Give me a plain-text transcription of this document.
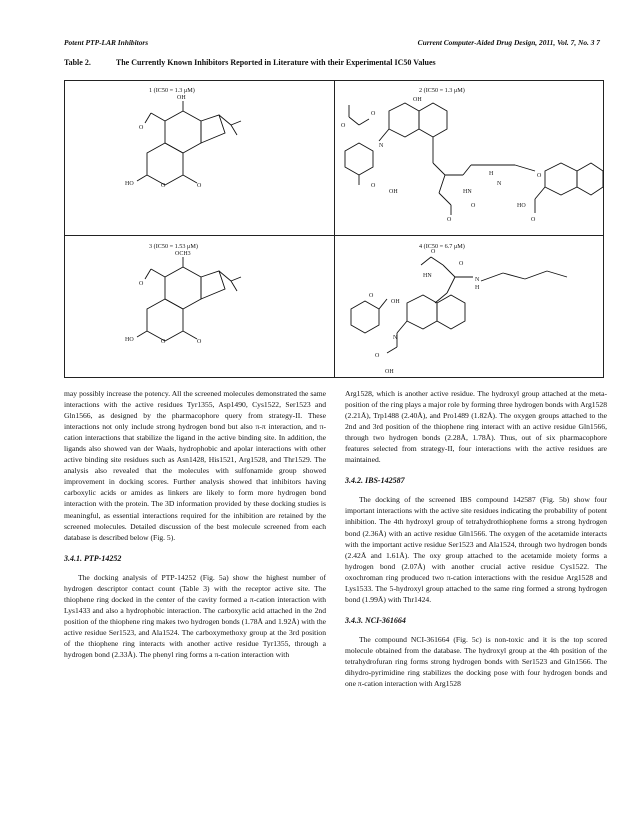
Potent PTP-LAR Inhibitors	Current Computer-Aided Drug Design, 2011, Vol. 7, No. 3 7
Table 2.	The Currently Known Inhibitors Reported in Literature with their Experimental IC50 Values
1 (IC50 = 1.3 μM)
OH
O
HO	O	O
2 (IC50 = 1.3 μM)
OH
O
O
N
O
OH
H
N
HN
O
O
O
HO
O
3 (IC50 = 1.53 μM)
OCH3
O
HO	O	O
4 (IC50 = 6.7 μM)
O
HN
N
H
O
OH
O
N
O
OH

may possibly increase the potency. All the screened molecules demonstrated the same interactions with the active residues Tyr1355, Asp1490, Cys1522, Ser1523 and Gln1566, as designed by the pharmacophore query from strategy-II. These interactions not only include strong hydrogen bond but also π-π interaction, and π-cation interactions that stabilize the ligand in the active binding site. In addition, the ligands also showed van der Waals, hydrophobic and apolar interactions with other active binding site residues such as Asn1428, His1521, Arg1528, and Thr1529. The analysis also revealed that the molecules with sulfonamide group showed improvement in docking scores. Further analysis showed that inhibitors having carboxylic acids or amides as linkers are likely to form more hydrogen bond interaction with the protein. The 3D information provided by these docking studies is meaningful, as essential interactions required for the inhibition are retained by the screened molecules. Detailed discussion of the best molecule screened from each database is described below (Fig. 5).

3.4.1. PTP-14252

The docking analysis of PTP-14252 (Fig. 5a) show the highest number of hydrogen descriptor contact count (Table 3) with the receptor active site. The thiophene ring docked in the center of the cavity formed a π-cation interaction with Lys1433 and also a hydrophobic interaction. The carboxylic acid attached in the 2nd position of the thiophene ring makes two hydrogen bonds (1.78Å and 1.92Å) with the active residue Ser1523, and Ala1524. The carboxymethoxy group at the 3rd position of the thiophene ring interacts with another active residue Tyr1355, through a hydrogen bond (2.33Å). The phenyl ring forms a π-cation interaction with

Arg1528, which is another active residue. The hydroxyl group attached at the meta-position of the ring plays a major role by forming three hydrogen bonds with Arg1528 (2.21Å), Trp1488 (2.40Å), and Pro1489 (1.82Å). The oxygen groups attached to the 2nd and 3rd position of the thiophene ring interact with an active residue Gln1566, through two hydrogen bonds (2.28Å, 1.78Å). Thus, out of six pharmacophore features selected from strategy-II, four interactions with the active residues are maintained.

3.4.2. IBS-142587

The docking of the screened IBS compound 142587 (Fig. 5b) show four important interactions with the active site residues indicating the probability of potent inhibition. The 4th hydroxyl group of tetrahydrothiophene forms a strong hydrogen bond (2.36Å) with an active residue Gln1566. The oxygen of the acetamide interacts with the important active residue Ser1523 and Ala1524, through two hydrogen bonds (2.42Å and 1.61Å). The oxy group attached to the acetamide moiety forms a hydrogen bond (2.07Å) with another crucial active residue Cys1522. The oxochroman ring produced two π-cation interactions with the residue Arg1528 and Lys1533. The 5-hydroxyl group attached to the same ring formed a strong hydrogen bond (1.99Å) with Thr1424.

3.4.3. NCI-361664

The compound NCI-361664 (Fig. 5c) is non-toxic and it is the top scored molecule obtained from the database. The hydroxyl group at the 4th position of the tetrahydrofuran ring forms strong hydrogen bonds with Ser1523 and Gln1566. The dihydro-pyrimidine ring stabilizes the docking pose with four hydrogen bonds and one π-cation interaction with Arg1528
